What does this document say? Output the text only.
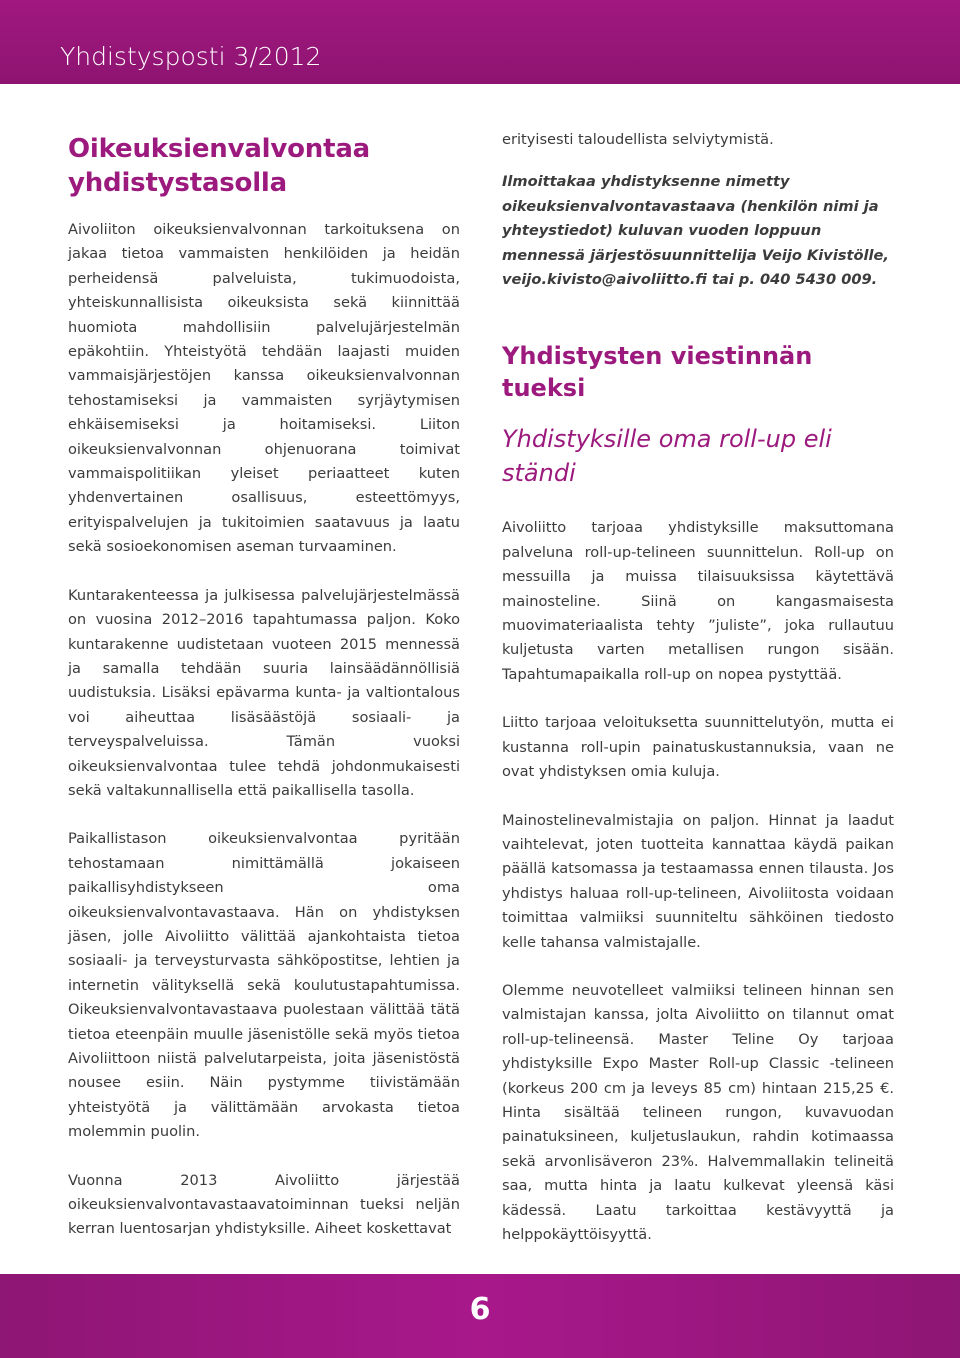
Yhdistysposti 3/2012
Oikeuksienvalvontaa yhdistystasolla

Aivoliiton oikeuksienvalvonnan tarkoituksena on jakaa tietoa vammaisten henkilöiden ja heidän perheidensä palveluista, tukimuodoista, yhteiskunnallisista oikeuksista sekä kiinnittää huomiota mahdollisiin palvelujärjestelmän epäkohtiin. Yhteistyötä tehdään laajasti muiden vammaisjärjestöjen kanssa oikeuksienvalvonnan tehostamiseksi ja vammaisten syrjäytymisen ehkäisemiseksi ja hoitamiseksi. Liiton oikeuksienvalvonnan ohjenuorana toimivat vammaispolitiikan yleiset periaatteet kuten yhdenvertainen osallisuus, esteettömyys, erityispalvelujen ja tukitoimien saatavuus ja laatu sekä sosioekonomisen aseman turvaaminen.

Kuntarakenteessa ja julkisessa palvelujärjestelmässä on vuosina 2012–2016 tapahtumassa paljon. Koko kuntarakenne uudistetaan vuoteen 2015 mennessä ja samalla tehdään suuria lainsäädännöllisiä uudistuksia. Lisäksi epävarma kunta- ja valtiontalous voi aiheuttaa lisäsäästöjä sosiaali- ja terveyspalveluissa. Tämän vuoksi oikeuksienvalvontaa tulee tehdä johdonmukaisesti sekä valtakunnallisella että paikallisella tasolla.

Paikallistason oikeuksienvalvontaa pyritään tehostamaan nimittämällä jokaiseen paikallisyhdistykseen oma oikeuksienvalvontavastaava. Hän on yhdistyksen jäsen, jolle Aivoliitto välittää ajankohtaista tietoa sosiaali- ja terveysturvasta sähköpostitse, lehtien ja internetin välityksellä sekä koulutustapahtumissa. Oikeuksienvalvontavastaava puolestaan välittää tätä tietoa eteenpäin muulle jäsenistölle sekä myös tietoa Aivoliittoon niistä palvelutarpeista, joita jäsenistöstä nousee esiin. Näin pystymme tiivistämään yhteistyötä ja välittämään arvokasta tietoa molemmin puolin.

Vuonna 2013 Aivoliitto järjestää oikeuksienvalvontavastaavatoiminnan tueksi neljän kerran luentosarjan yhdistyksille. Aiheet koskettavat

erityisesti taloudellista selviytymistä.

Ilmoittakaa yhdistyksenne nimetty oikeuksienvalvontavastaava (henkilön nimi ja yhteystiedot) kuluvan vuoden loppuun mennessä järjestösuunnittelija Veijo Kivistölle, veijo.kivisto@aivoliitto.fi tai p. 040 5430 009.

Yhdistysten viestinnän tueksi
Yhdistyksille oma roll-up eli ständi

Aivoliitto tarjoaa yhdistyksille maksuttomana palveluna roll-up-telineen suunnittelun. Roll-up on messuilla ja muissa tilaisuuksissa käytettävä mainosteline. Siinä on kangasmaisesta muovimateriaalista tehty ”juliste”, joka rullautuu kuljetusta varten metallisen rungon sisään. Tapahtumapaikalla roll-up on nopea pystyttää.

Liitto tarjoaa veloituksetta suunnittelutyön, mutta ei kustanna roll-upin painatuskustannuksia, vaan ne ovat yhdistyksen omia kuluja.

Mainostelinevalmistajia on paljon. Hinnat ja laadut vaihtelevat, joten tuotteita kannattaa käydä paikan päällä katsomassa ja testaamassa ennen tilausta. Jos yhdistys haluaa roll-up-telineen, Aivoliitosta voidaan toimittaa valmiiksi suunniteltu sähköinen tiedosto kelle tahansa valmistajalle.

Olemme neuvotelleet valmiiksi telineen hinnan sen valmistajan kanssa, jolta Aivoliitto on tilannut omat roll-up-telineensä. Master Teline Oy tarjoaa yhdistyksille Expo Master Roll-up Classic -telineen (korkeus 200 cm ja leveys 85 cm) hintaan 215,25 €. Hinta sisältää telineen rungon, kuvavuodan painatuksineen, kuljetuslaukun, rahdin kotimaassa sekä arvonlisäveron 23%. Halvemmallakin telineitä saa, mutta hinta ja laatu kulkevat yleensä käsi kädessä. Laatu tarkoittaa kestävyyttä ja helppokäyttöisyyttä.

6
